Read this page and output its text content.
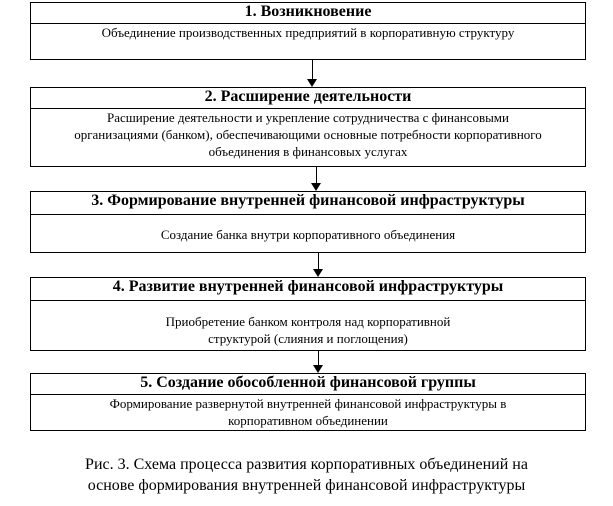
1. Возникновение
Объединение производственных предприятий в корпоративную структуру
2. Расширение деятельности
Расширение деятельности и укрепление сотрудничества с финансовыми организациями (банком), обеспечивающими основные потребности корпоративного объединения в финансовых услугах
3. Формирование внутренней финансовой инфраструктуры
Создание банка внутри корпоративного объединения
4. Развитие внутренней финансовой инфраструктуры
Приобретение банком контроля над корпоративной структурой (слияния и поглощения)
5. Создание обособленной финансовой группы
Формирование развернутой внутренней финансовой инфраструктуры в корпоративном объединении
Рис. 3. Схема процесса развития корпоративных объединений на
основе формирования внутренней финансовой инфраструктуры
